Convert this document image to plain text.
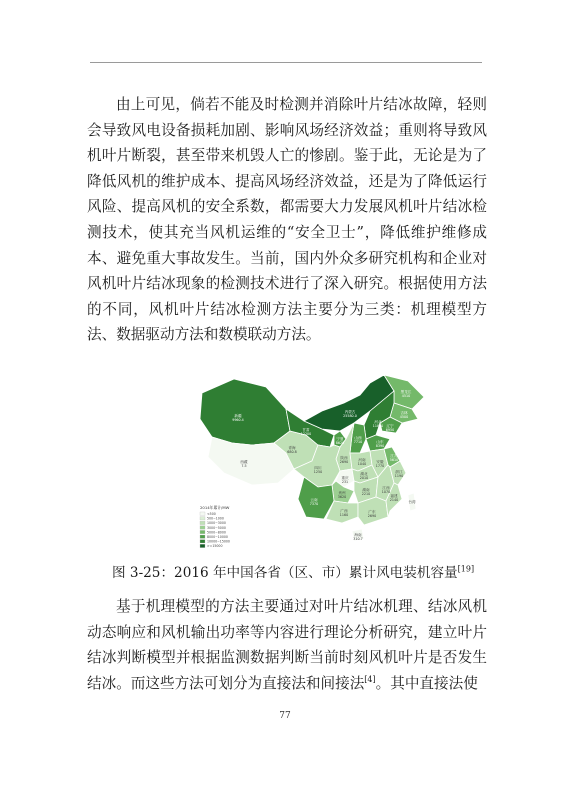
由上可见，倘若不能及时检测并消除叶片结冰故障，轻则会导致风电设备损耗加剧、影响风场经济效益；重则将导致风机叶片断裂，甚至带来机毁人亡的惨剧。鉴于此，无论是为了降低风机的维护成本、提高风场经济效益，还是为了降低运行风险、提高风机的安全系数，都需要大力发展风机叶片结冰检测技术，使其充当风机运维的“安全卫士”，降低维护维修成本、避免重大事故发生。当前，国内外众多研究机构和企业对风机叶片结冰现象的检测技术进行了深入研究。根据使用方法的不同，风机叶片结冰检测方法主要分为三类：机理模型方法、数据驱动方法和数模联动方法。

新疆
9960.4
西藏
7.5
青海
680.8
甘肃
12200
内蒙古
25580.0
黑龙江
4510
吉林
4500
辽宁
6950
河北
11800
山西
7710
宁夏
8620
陕西
2690
山东
8390
河南
1040
四川
1250
重庆
231
湖北
2010
安徽
1770
江苏
5610
贵州
3620
湖南
2210
江西
1070
浙江
1190
云南
7370
广西
1160
广东
2690
福建
2140
海南
310.7
台湾
2014年累计/MW
<500
500~1000
1000~3000
3000~5000
5000~8000
8000~10000
10000~15000
>=15000
图 3-25：2016 年中国各省（区、市）累计风电装机容量[19]

基于机理模型的方法主要通过对叶片结冰机理、结冰风机动态响应和风机输出功率等内容进行理论分析研究，建立叶片结冰判断模型并根据监测数据判断当前时刻风机叶片是否发生结冰。而这些方法可划分为直接法和间接法[4]。其中直接法使

77
